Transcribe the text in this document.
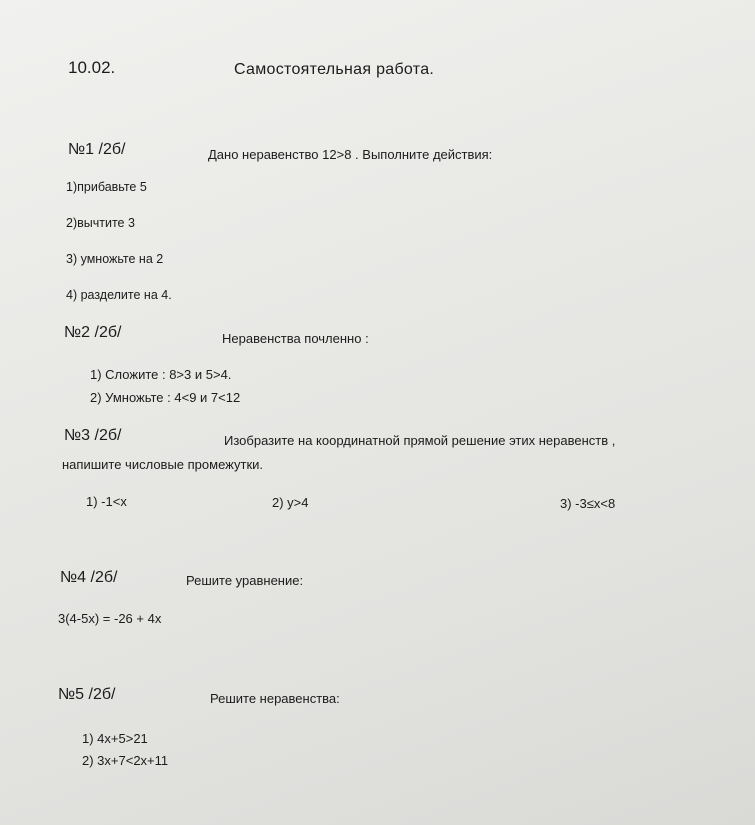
10.02.	Самостоятельная работа.
№1 /2б/	Дано неравенство 12>8 . Выполните действия:
1)прибавьте 5
2)вычтите 3
3) умножьте на 2
4) разделите на 4.
№2 /2б/	Неравенства почленно :
1) Сложите : 8>3 и 5>4.
2) Умножьте : 4<9 и 7<12
№3 /2б/	Изобразите на координатной прямой решение этих неравенств ,
напишите числовые промежутки.
1) -1<x	2) y>4	3) -3≤x<8
№4 /2б/	Решите уравнение:
3(4-5x) = -26 + 4x
№5 /2б/	Решите неравенства:
1) 4x+5>21
2) 3x+7<2x+11
